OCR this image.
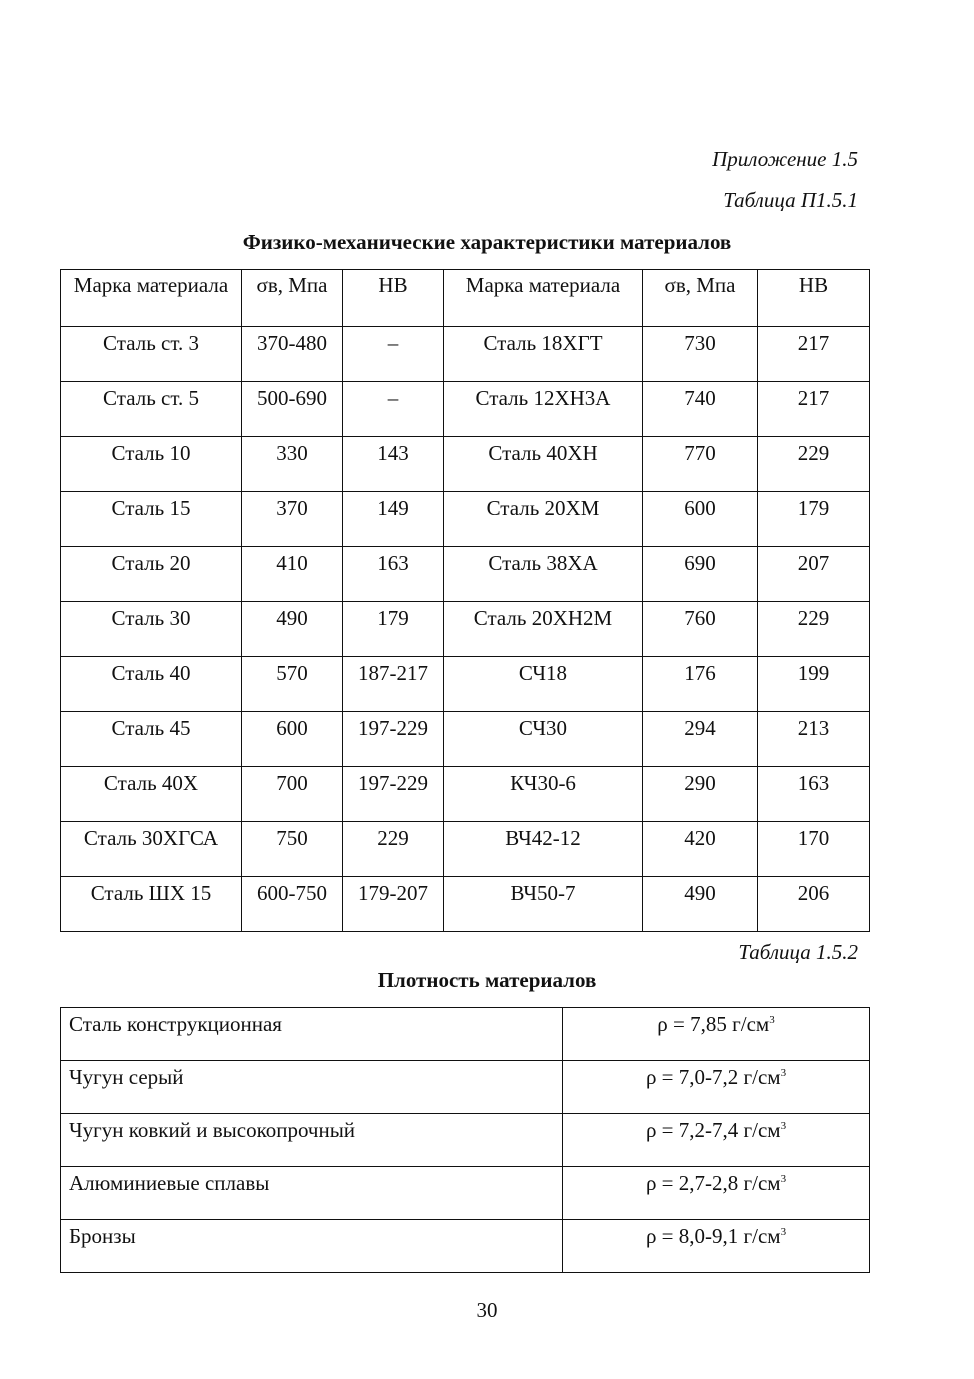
Приложение 1.5
Таблица П1.5.1
Физико-механические характеристики материалов
Марка материала	σв, Мпа	НВ	Марка материала	σв, Мпа	НВ
Сталь ст. 3	370-480	–	Сталь 18ХГТ	730	217
Сталь ст. 5	500-690	–	Сталь 12ХН3А	740	217
Сталь 10	330	143	Сталь 40ХН	770	229
Сталь 15	370	149	Сталь 20ХМ	600	179
Сталь 20	410	163	Сталь 38ХА	690	207
Сталь 30	490	179	Сталь 20ХН2М	760	229
Сталь 40	570	187-217	СЧ18	176	199
Сталь 45	600	197-229	СЧ30	294	213
Сталь 40Х	700	197-229	КЧ30-6	290	163
Сталь 30ХГСА	750	229	ВЧ42-12	420	170
Сталь ШХ 15	600-750	179-207	ВЧ50-7	490	206
Таблица 1.5.2
Плотность материалов
Сталь конструкционная	ρ = 7,85 $г/см^3$
Чугун серый	ρ = 7,0-7,2 $г/см^3$
Чугун ковкий и высокопрочный	ρ = 7,2-7,4 $г/см^3$
Алюминиевые сплавы	ρ = 2,7-2,8 $г/см^3$
Бронзы	ρ = 8,0-9,1 $г/см^3$
30
